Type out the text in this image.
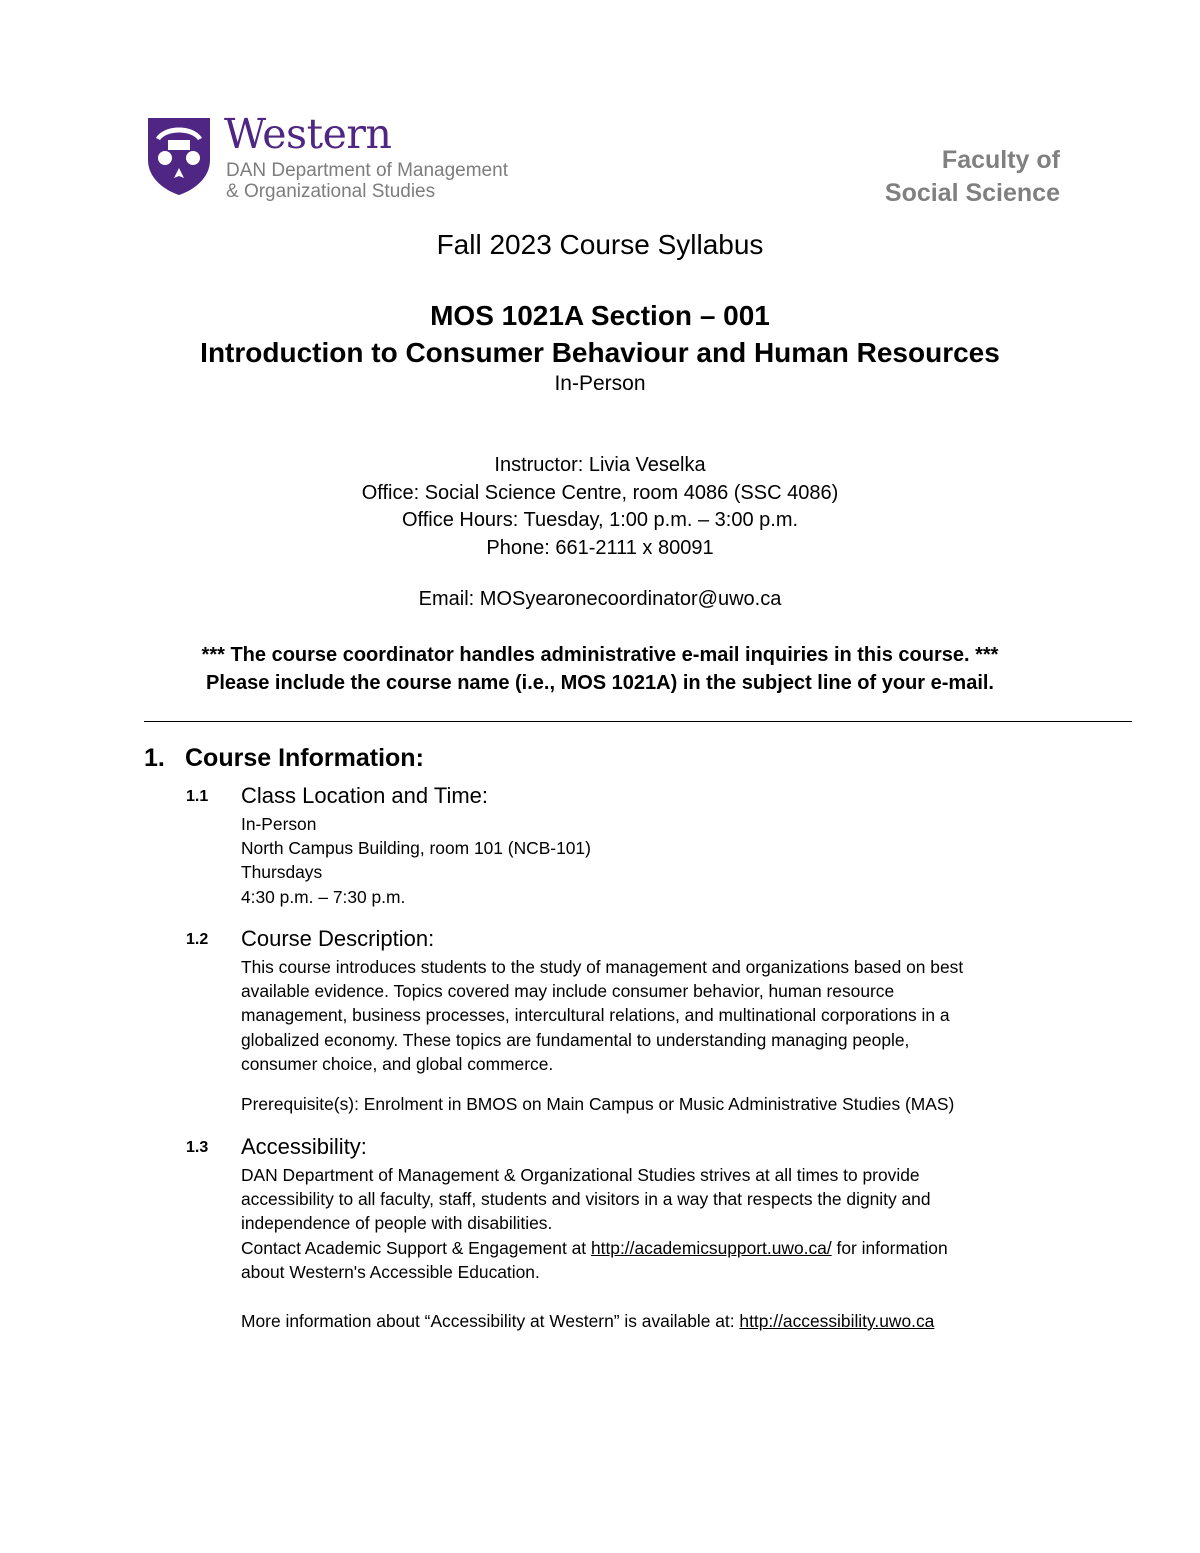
Western
DAN Department of Management
& Organizational Studies
Faculty of
Social Science
Fall 2023 Course Syllabus
MOS 1021A Section – 001
Introduction to Consumer Behaviour and Human Resources
In-Person
Instructor: Livia Veselka
Office: Social Science Centre, room 4086 (SSC 4086)
Office Hours: Tuesday, 1:00 p.m. – 3:00 p.m.
Phone: 661-2111 x 80091
Email: MOSyearonecoordinator@uwo.ca
*** The course coordinator handles administrative e-mail inquiries in this course. ***
Please include the course name (i.e., MOS 1021A) in the subject line of your e-mail.
1. Course Information:
1.1 Class Location and Time:
In-Person
North Campus Building, room 101 (NCB-101)
Thursdays
4:30 p.m. – 7:30 p.m.
1.2 Course Description:
This course introduces students to the study of management and organizations based on best
available evidence. Topics covered may include consumer behavior, human resource
management, business processes, intercultural relations, and multinational corporations in a
globalized economy. These topics are fundamental to understanding managing people,
consumer choice, and global commerce.
Prerequisite(s): Enrolment in BMOS on Main Campus or Music Administrative Studies (MAS)
1.3 Accessibility:
DAN Department of Management & Organizational Studies strives at all times to provide
accessibility to all faculty, staff, students and visitors in a way that respects the dignity and
independence of people with disabilities.
Contact Academic Support & Engagement at http://academicsupport.uwo.ca/ for information
about Western's Accessible Education.
More information about “Accessibility at Western” is available at: http://accessibility.uwo.ca
